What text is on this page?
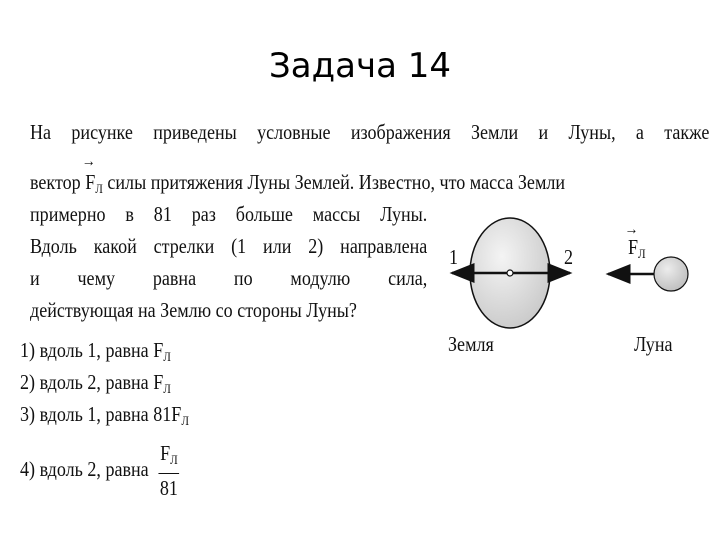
Задача 14
На рисунке приведены условные изображения Земли и Луны, а также
вектор
→
$F_Л$ силы притяжения Луны Землей. Известно, что масса Земли
примерно в 81 раз больше массы Луны.
Вдоль какой стрелки (1 или 2) направлена
и чему равна по модулю сила,
действующая на Землю со стороны Луны?
1) вдоль 1, равна $F_Л$
2) вдоль 2, равна $F_Л$
3) вдоль 1, равна $81F_Л$
4) вдоль 2, равна $\frac{F_Л}{81}$
1	2
→
$F_Л$
Земля	Луна
